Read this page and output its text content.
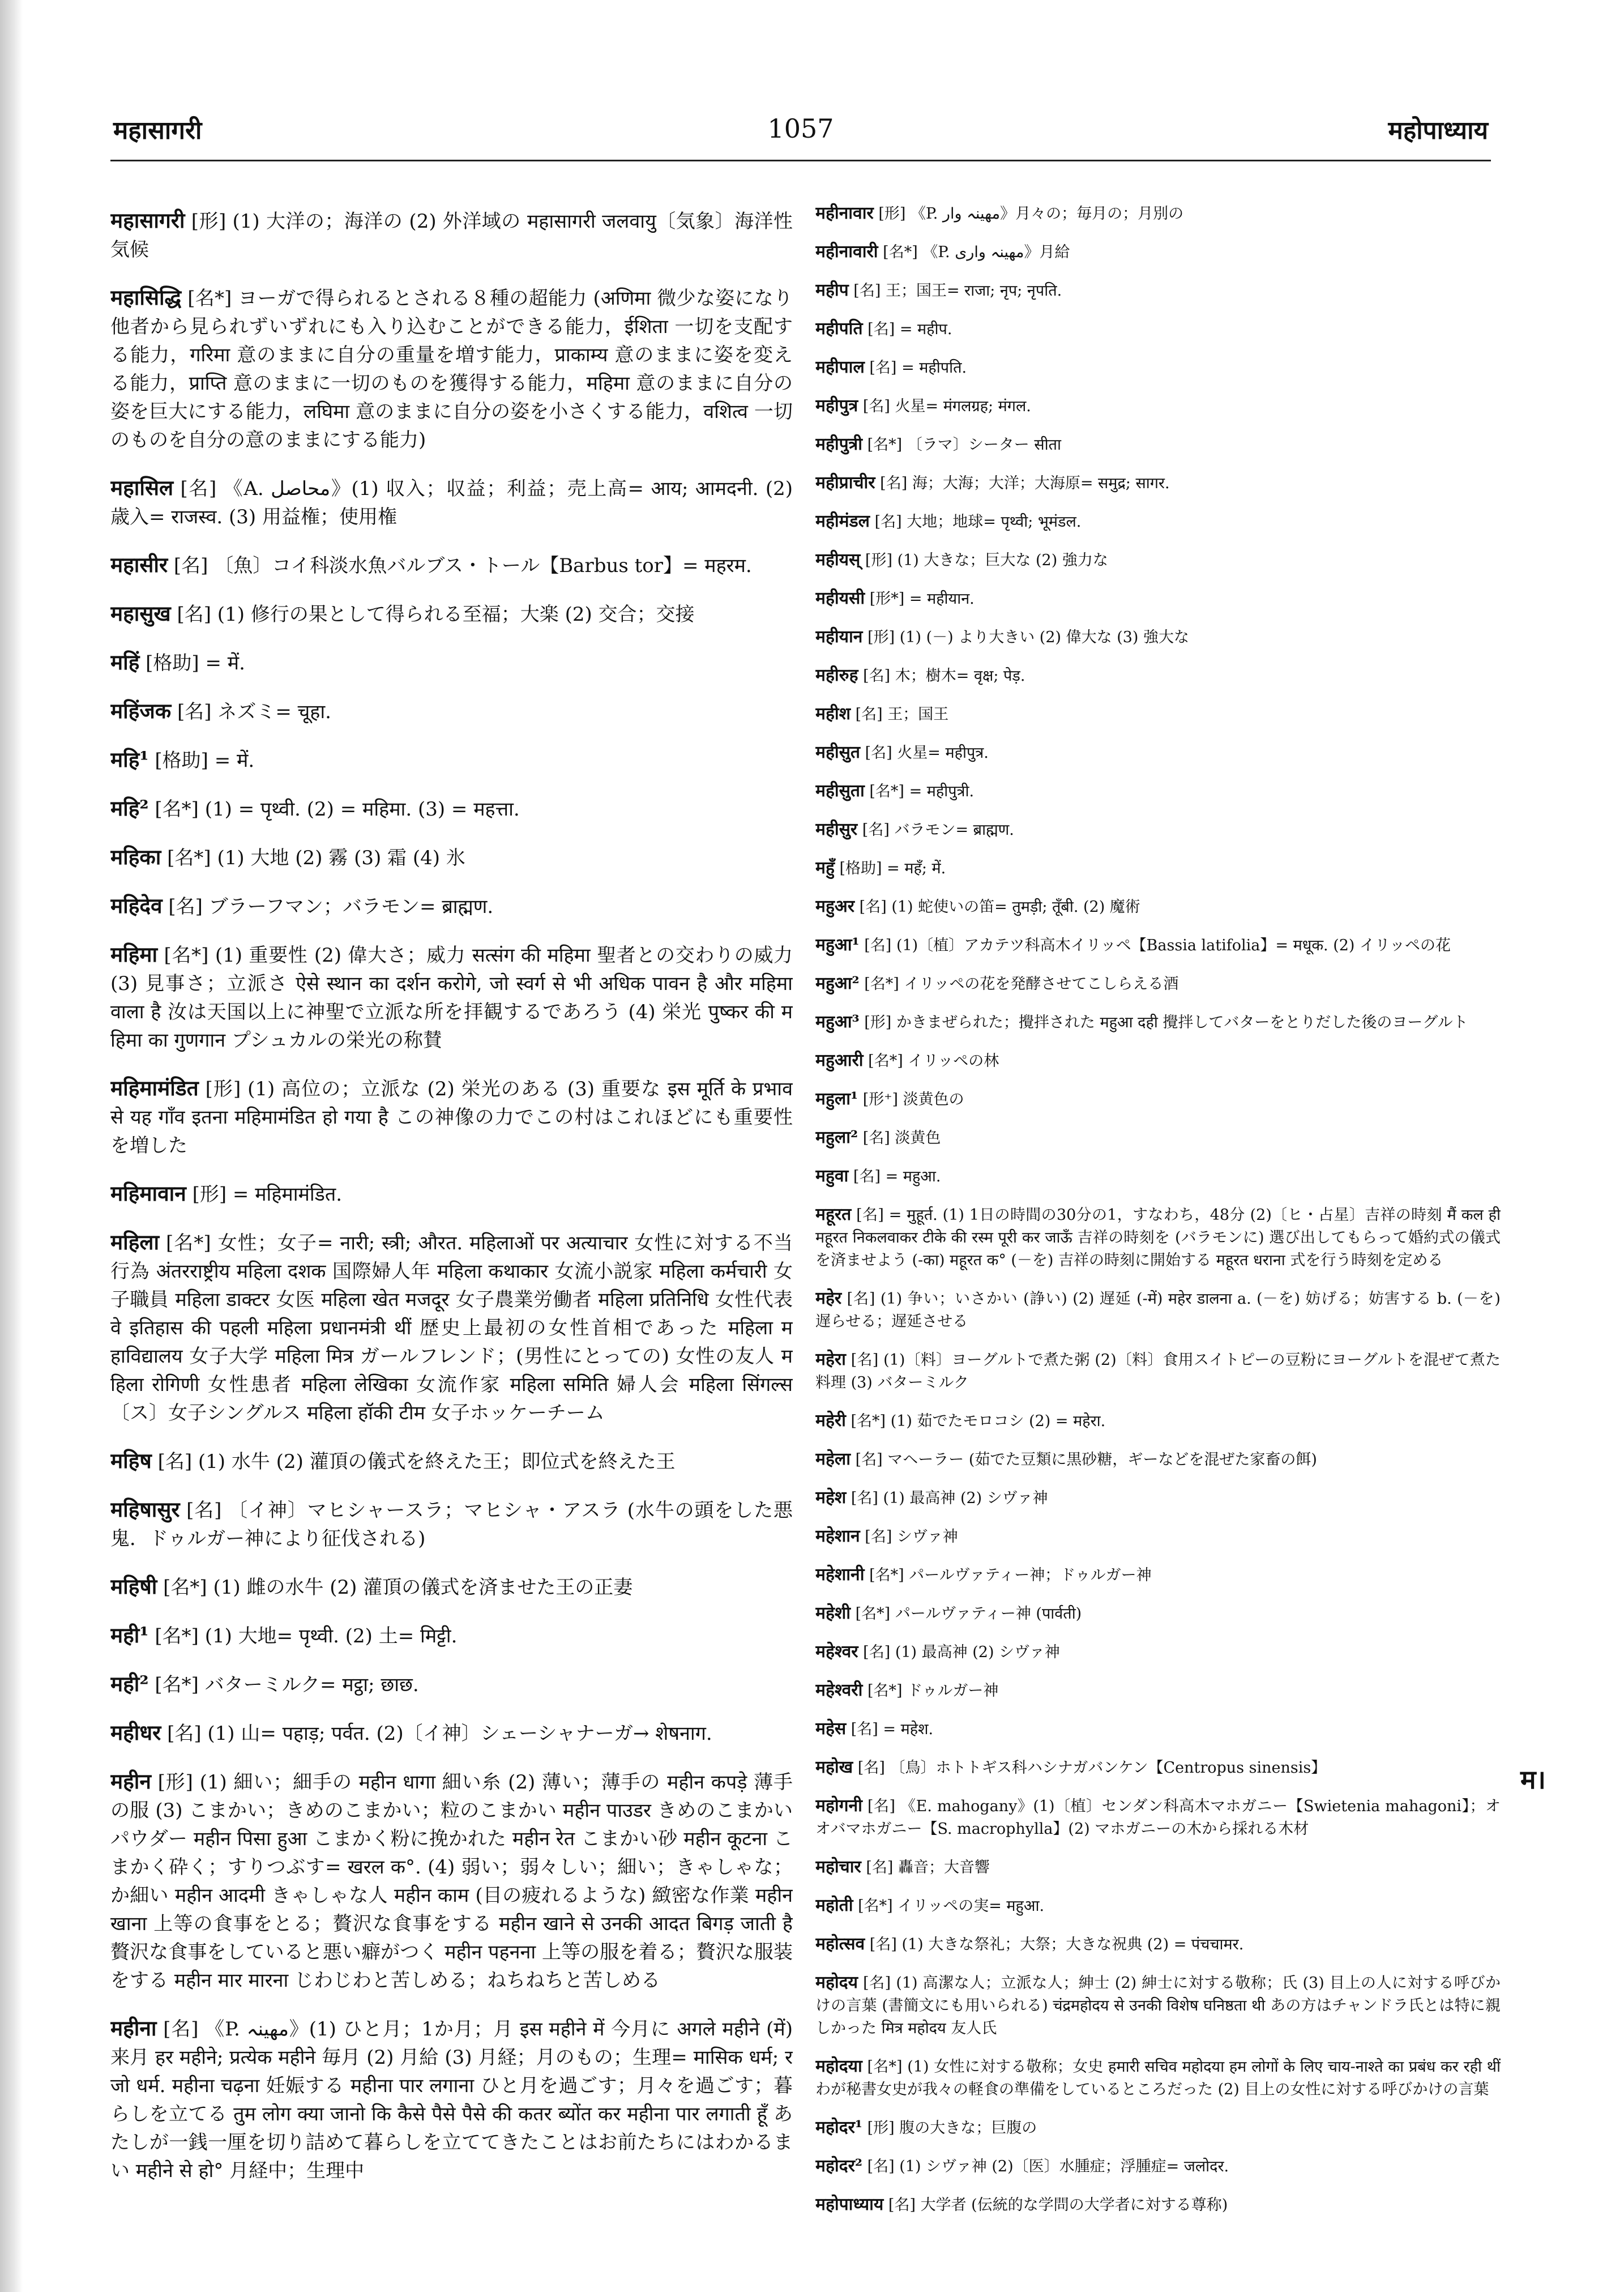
महासागरी	1057	महोपाध्याय

महासागरी [形] (1) 大洋の；海洋の (2) 外洋域の महासागरी जलवायु〔気象〕海洋性気候

महासिद्धि [名*] ヨーガで得られるとされる８種の超能力 (अणिमा 微少な姿になり他者から見られずいずれにも入り込むことができる能力，ईशिता 一切を支配する能力，गरिमा 意のままに自分の重量を増す能力，प्राकाम्य 意のままに姿を変える能力，प्राप्ति 意のままに一切のものを獲得する能力，महिमा 意のままに自分の姿を巨大にする能力，लघिमा 意のままに自分の姿を小さくする能力，वशित्व 一切のものを自分の意のままにする能力)

महासिल [名] 《A. محاصل》(1) 収入；収益；利益；売上高= आय; आमदनी. (2) 歳入= राजस्व. (3) 用益権；使用権

महासीर [名] 〔魚〕コイ科淡水魚バルブス・トール【Barbus tor】= महरम.

महासुख [名] (1) 修行の果として得られる至福；大楽 (2) 交合；交接

महिं [格助] = में.

महिंजक [名] ネズミ= चूहा.

महि¹ [格助] = में.

महि² [名*] (1) = पृथ्वी. (2) = महिमा. (3) = महत्ता.

महिका [名*] (1) 大地 (2) 霧 (3) 霜 (4) 氷

महिदेव [名] ブラーフマン；バラモン= ब्राह्मण.

महिमा [名*] (1) 重要性 (2) 偉大さ；威力 सत्संग की महिमा 聖者との交わりの威力 (3) 見事さ；立派さ ऐसे स्थान का दर्शन करोगे, जो स्वर्ग से भी अधिक पावन है और महिमा वाला है 汝は天国以上に神聖で立派な所を拝観するであろう (4) 栄光 पुष्कर की महिमा का गुणगान プシュカルの栄光の称賛

महिमामंडित [形] (1) 高位の；立派な (2) 栄光のある (3) 重要な इस मूर्ति के प्रभाव से यह गाँव इतना महिमामंडित हो गया है この神像の力でこの村はこれほどにも重要性を増した

महिमावान [形] = महिमामंडित.

महिला [名*] 女性；女子= नारी; स्त्री; औरत. महिलाओं पर अत्याचार 女性に対する不当行為 अंतरराष्ट्रीय महिला दशक 国際婦人年 महिला कथाकार 女流小説家 महिला कर्मचारी 女子職員 महिला डाक्टर 女医 महिला खेत मजदूर 女子農業労働者 महिला प्रतिनिधि 女性代表 वे इतिहास की पहली महिला प्रधानमंत्री थीं 歴史上最初の女性首相であった महिला महाविद्यालय 女子大学 महिला मित्र ガールフレンド；(男性にとっての) 女性の友人 महिला रोगिणी 女性患者 महिला लेखिका 女流作家 महिला समिति 婦人会 महिला सिंगल्स〔ス〕女子シングルス महिला हॉकी टीम 女子ホッケーチーム

महिष [名] (1) 水牛 (2) 灌頂の儀式を終えた王；即位式を終えた王

महिषासुर [名] 〔イ神〕マヒシャースラ；マヒシャ・アスラ (水牛の頭をした悪鬼．ドゥルガー神により征伐される)

महिषी [名*] (1) 雌の水牛 (2) 灌頂の儀式を済ませた王の正妻

मही¹ [名*] (1) 大地= पृथ्वी. (2) 土= मिट्टी.

मही² [名*] バターミルク= मट्ठा; छाछ.

महीधर [名] (1) 山= पहाड़; पर्वत. (2)〔イ神〕シェーシャナーガ→ शेषनाग.

महीन [形] (1) 細い；細手の महीन धागा 細い糸 (2) 薄い；薄手の महीन कपड़े 薄手の服 (3) こまかい；きめのこまかい；粒のこまかい महीन पाउडर きめのこまかいパウダー महीन पिसा हुआ こまかく粉に挽かれた महीन रेत こまかい砂 महीन कूटना こまかく砕く；すりつぶす= खरल क°. (4) 弱い；弱々しい；細い；きゃしゃな；か細い महीन आदमी きゃしゃな人 महीन काम (目の疲れるような) 緻密な作業 महीन खाना 上等の食事をとる；贅沢な食事をする महीन खाने से उनकी आदत बिगड़ जाती है 贅沢な食事をしていると悪い癖がつく महीन पहनना 上等の服を着る；贅沢な服装をする महीन मार मारना じわじわと苦しめる；ねちねちと苦しめる

महीना [名] 《P. مهينہ》(1) ひと月；1か月；月 इस महीने में 今月に अगले महीने (में) 来月 हर महीने; प्रत्येक महीने 毎月 (2) 月給 (3) 月経；月のもの；生理= मासिक धर्म; रजो धर्म. महीना चढ़ना 妊娠する महीना पार लगाना ひと月を過ごす；月々を過ごす；暮らしを立てる तुम लोग क्या जानो कि कैसे पैसे पैसे की कतर ब्योंत कर महीना पार लगाती हूँ あたしが一銭一厘を切り詰めて暮らしを立ててきたことはお前たちにはわかるまい महीने से हो° 月経中；生理中

महीनावार [形] 《P. مهينہ وار》月々の；毎月の；月別の

महीनावारी [名*] 《P. مهينہ وارى》月給

महीप [名] 王；国王= राजा; नृप; नृपति.

महीपति [名] = महीप.

महीपाल [名] = महीपति.

महीपुत्र [名] 火星= मंगलग्रह; मंगल.

महीपुत्री [名*] 〔ラマ〕シーター सीता

महीप्राचीर [名] 海；大海；大洋；大海原= समुद्र; सागर.

महीमंडल [名] 大地；地球= पृथ्वी; भूमंडल.

महीयस् [形] (1) 大きな；巨大な (2) 強力な

महीयसी [形*] = महीयान.

महीयान [形] (1) (－) より大きい (2) 偉大な (3) 強大な

महीरुह [名] 木；樹木= वृक्ष; पेड़.

महीश [名] 王；国王

महीसुत [名] 火星= महीपुत्र.

महीसुता [名*] = महीपुत्री.

महीसुर [名] バラモン= ब्राह्मण.

महुँ [格助] = महँ; में.

महुअर [名] (1) 蛇使いの笛= तुमड़ी; तूँबी. (2) 魔術

महुआ¹ [名] (1)〔植〕アカテツ科高木イリッペ【Bassia latifolia】= मधूक. (2) イリッペの花

महुआ² [名*] イリッペの花を発酵させてこしらえる酒

महुआ³ [形] かきまぜられた；攪拌された महुआ दही 攪拌してバターをとりだした後のヨーグルト

महुआरी [名*] イリッペの林

महुला¹ [形⁺] 淡黄色の

महुला² [名] 淡黄色

महुवा [名] = महुआ.

महूरत [名] = मुहूर्त. (1) 1日の時間の30分の1，すなわち，48分 (2)〔ヒ・占星〕吉祥の時刻 मैं कल ही महूरत निकलवाकर टीके की रस्म पूरी कर जाऊँ 吉祥の時刻を (バラモンに) 選び出してもらって婚約式の儀式を済ませよう (-का) महूरत क° (－を) 吉祥の時刻に開始する महूरत धराना 式を行う時刻を定める

महेर [名] (1) 争い；いさかい (諍い) (2) 遅延 (-में) महेर डालना a. (－を) 妨げる；妨害する b. (－を) 遅らせる；遅延させる

महेरा [名] (1)〔料〕ヨーグルトで煮た粥 (2)〔料〕食用スイトピーの豆粉にヨーグルトを混ぜて煮た料理 (3) バターミルク

महेरी [名*] (1) 茹でたモロコシ (2) = महेरा.

महेला [名] マヘーラー (茹でた豆類に黒砂糖，ギーなどを混ぜた家畜の餌)

महेश [名] (1) 最高神 (2) シヴァ神

महेशान [名] シヴァ神

महेशानी [名*] パールヴァティー神；ドゥルガー神

महेशी [名*] パールヴァティー神 (पार्वती)

महेश्वर [名] (1) 最高神 (2) シヴァ神

महेश्वरी [名*] ドゥルガー神

महेस [名] = महेश.

महोख [名] 〔鳥〕ホトトギス科ハシナガバンケン【Centropus sinensis】

महोगनी [名] 《E. mahogany》(1)〔植〕センダン科高木マホガニー【Swietenia mahagoni】；オオバマホガニー【S. macrophylla】(2) マホガニーの木から採れる木材

महोचार [名] 轟音；大音響

महोती [名*] イリッペの実= महुआ.

महोत्सव [名] (1) 大きな祭礼；大祭；大きな祝典 (2) = पंचचामर.

महोदय [名] (1) 高潔な人；立派な人；紳士 (2) 紳士に対する敬称；氏 (3) 目上の人に対する呼びかけの言葉 (書簡文にも用いられる) चंद्रमहोदय से उनकी विशेष घनिष्ठता थी あの方はチャンドラ氏とは特に親しかった मित्र महोदय 友人氏

महोदया [名*] (1) 女性に対する敬称；女史 हमारी सचिव महोदया हम लोगों के लिए चाय-नाश्ते का प्रबंध कर रही थीं わが秘書女史が我々の軽食の準備をしているところだった (2) 目上の女性に対する呼びかけの言葉

महोदर¹ [形] 腹の大きな；巨腹の

महोदर² [名] (1) シヴァ神 (2)〔医〕水腫症；浮腫症= जलोदर.

महोपाध्याय [名] 大学者 (伝統的な学問の大学者に対する尊称)

म।
